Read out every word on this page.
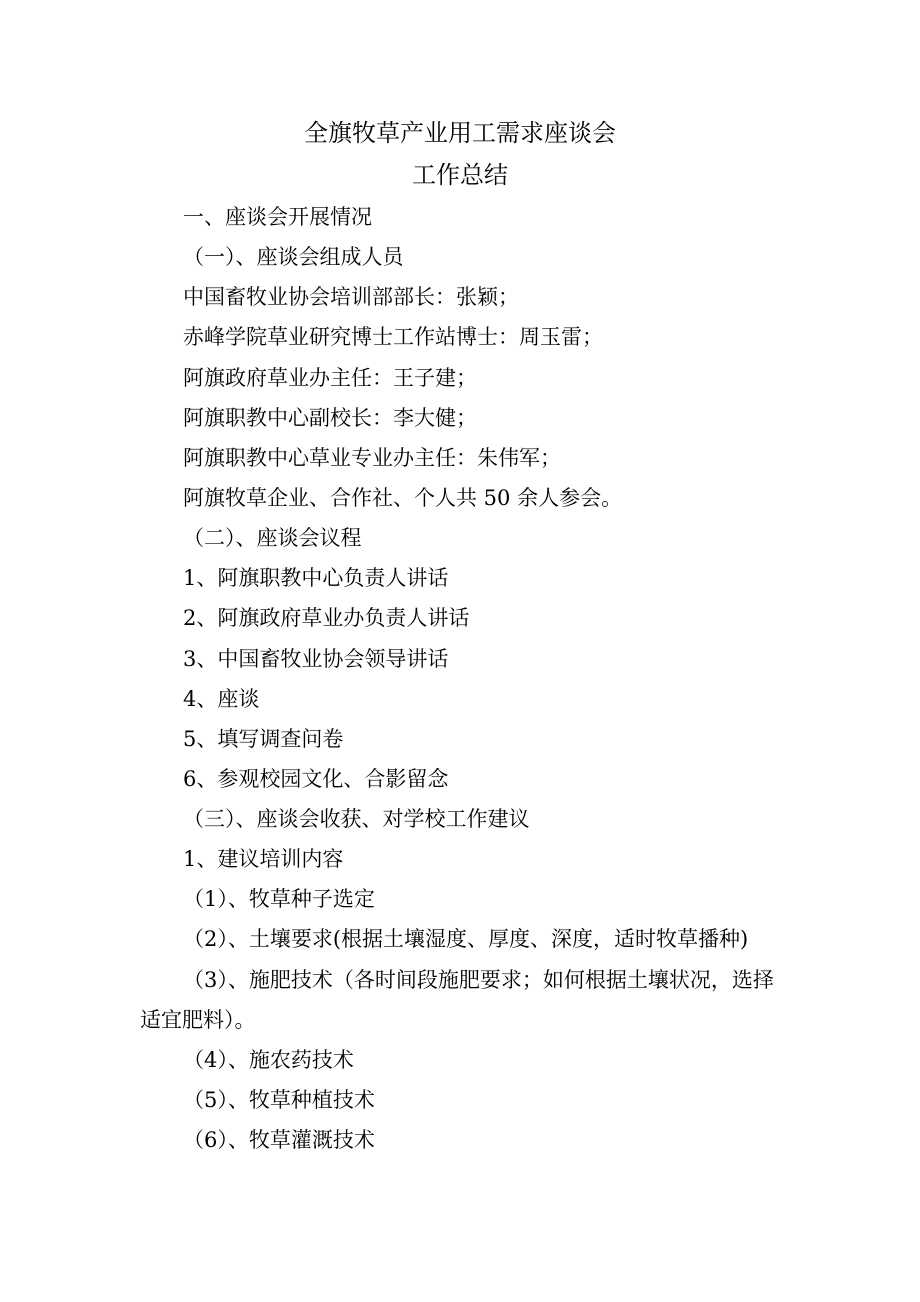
全旗牧草产业用工需求座谈会
工作总结
一、座谈会开展情况
（一）、座谈会组成人员
中国畜牧业协会培训部部长：张颖；
赤峰学院草业研究博士工作站博士：周玉雷；
阿旗政府草业办主任：王子建；
阿旗职教中心副校长：李大健；
阿旗职教中心草业专业办主任：朱伟军；
阿旗牧草企业、合作社、个人共 50 余人参会。
（二）、座谈会议程
1、阿旗职教中心负责人讲话
2、阿旗政府草业办负责人讲话
3、中国畜牧业协会领导讲话
4、座谈
5、填写调查问卷
6、参观校园文化、合影留念
（三）、座谈会收获、对学校工作建议
1、建议培训内容
（1）、牧草种子选定
（2）、土壤要求(根据土壤湿度、厚度、深度，适时牧草播种)
（3）、施肥技术（各时间段施肥要求；如何根据土壤状况，选择
适宜肥料）。
（4）、施农药技术
（5）、牧草种植技术
（6）、牧草灌溉技术
